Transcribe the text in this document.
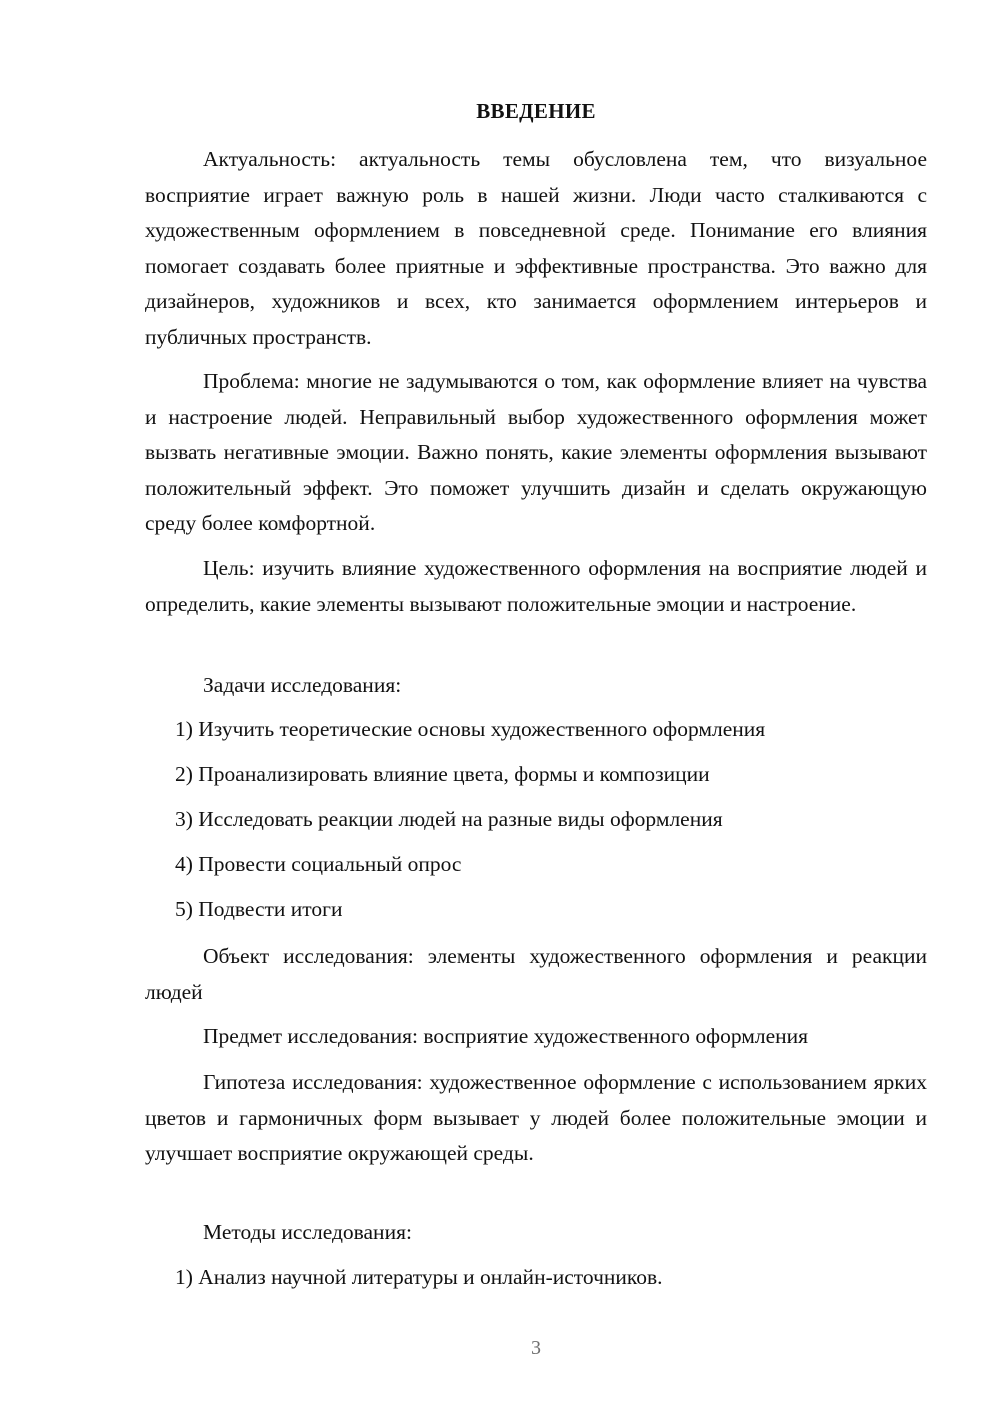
ВВЕДЕНИЕ

Актуальность: актуальность темы обусловлена тем, что визуальное восприятие играет важную роль в нашей жизни. Люди часто сталкиваются с художественным оформлением в повседневной среде. Понимание его влияния помогает создавать более приятные и эффективные пространства. Это важно для дизайнеров, художников и всех, кто занимается оформлением интерьеров и публичных пространств.

Проблема: многие не задумываются о том, как оформление влияет на чувства и настроение людей. Неправильный выбор художественного оформления может вызвать негативные эмоции. Важно понять, какие элементы оформления вызывают положительный эффект. Это поможет улучшить дизайн и сделать окружающую среду более комфортной.

Цель: изучить влияние художественного оформления на восприятие людей и определить, какие элементы вызывают положительные эмоции и настроение.

Задачи исследования:

1) Изучить теоретические основы художественного оформления

2) Проанализировать влияние цвета, формы и композиции

3) Исследовать реакции людей на разные виды оформления

4) Провести социальный опрос

5) Подвести итоги

Объект исследования: элементы художественного оформления и реакции людей

Предмет исследования: восприятие художественного оформления

Гипотеза исследования: художественное оформление с использованием ярких цветов и гармоничных форм вызывает у людей более положительные эмоции и улучшает восприятие окружающей среды.

Методы исследования:

1) Анализ научной литературы и онлайн-источников.

3
